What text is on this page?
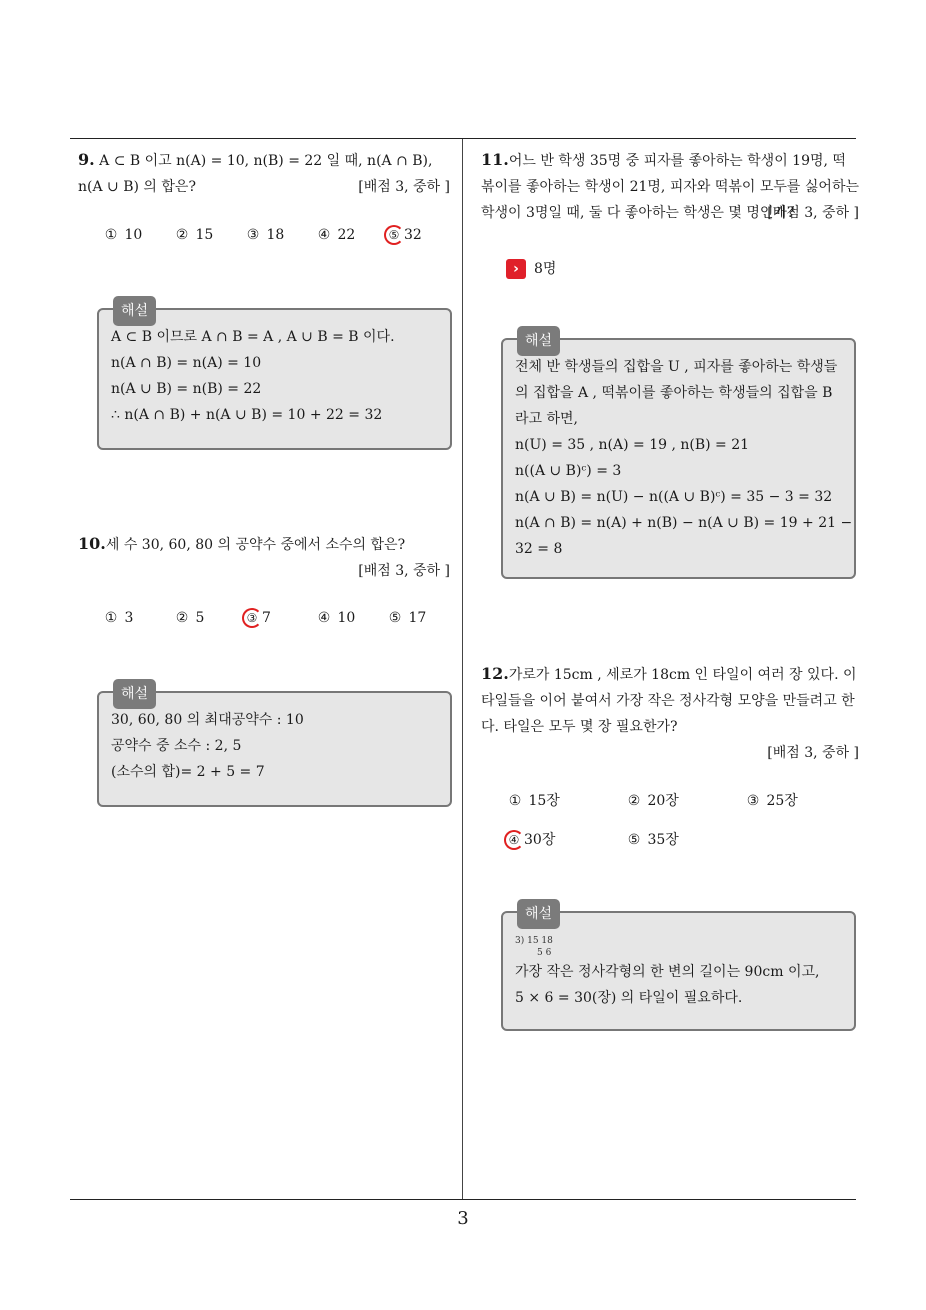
9. A ⊂ B 이고 n(A) = 10, n(B) = 22 일 때, n(A ∩ B), n(A ∪ B) 의 합은?	[배점 3, 중하 ]
① 10 ② 15 ③ 18 ④ 22	⑤ 32
해설
A ⊂ B 이므로 A ∩ B = A , A ∪ B = B 이다.
n(A ∩ B) = n(A) = 10
n(A ∪ B) = n(B) = 22
∴ n(A ∩ B) + n(A ∪ B) = 10 + 22 = 32
10.세 수 30, 60, 80 의 공약수 중에서 소수의 합은?
[배점 3, 중하 ]
① 3	② 5	③ 7	④ 10 ⑤ 17
해설
30, 60, 80 의 최대공약수 : 10
공약수 중 소수 : 2, 5
(소수의 합)= 2 + 5 = 7
11.어느 반 학생 35명 중 피자를 좋아하는 학생이 19명, 떡볶이를 좋아하는 학생이 21명, 피자와 떡볶이 모두를 싫어하는 학생이 3명일 때, 둘 다 좋아하는 학생은 몇 명인가?
[배점 3, 중하 ]
› 8명
해설
전체 반 학생들의 집합을 U , 피자를 좋아하는 학생들의 집합을 A , 떡볶이를 좋아하는 학생들의 집합을 B 라고 하면,
n(U) = 35 , n(A) = 19 , n(B) = 21
n((A ∪ B)ᶜ) = 3
n(A ∪ B) = n(U) − n((A ∪ B)ᶜ) = 35 − 3 = 32
n(A ∩ B) = n(A) + n(B) − n(A ∪ B) = 19 + 21 −
32 = 8
12.가로가 15cm , 세로가 18cm 인 타일이 여러 장 있다. 이 타일들을 이어 붙여서 가장 작은 정사각형 모양을 만들려고 한다. 타일은 모두 몇 장 필요한가?
[배점 3, 중하 ]
① 15장	② 20장	③ 25장
④ 30장	⑤ 35장
해설
3) 15 18
5 6
가장 작은 정사각형의 한 변의 길이는 90cm 이고,
5 × 6 = 30(장) 의 타일이 필요하다.
3
